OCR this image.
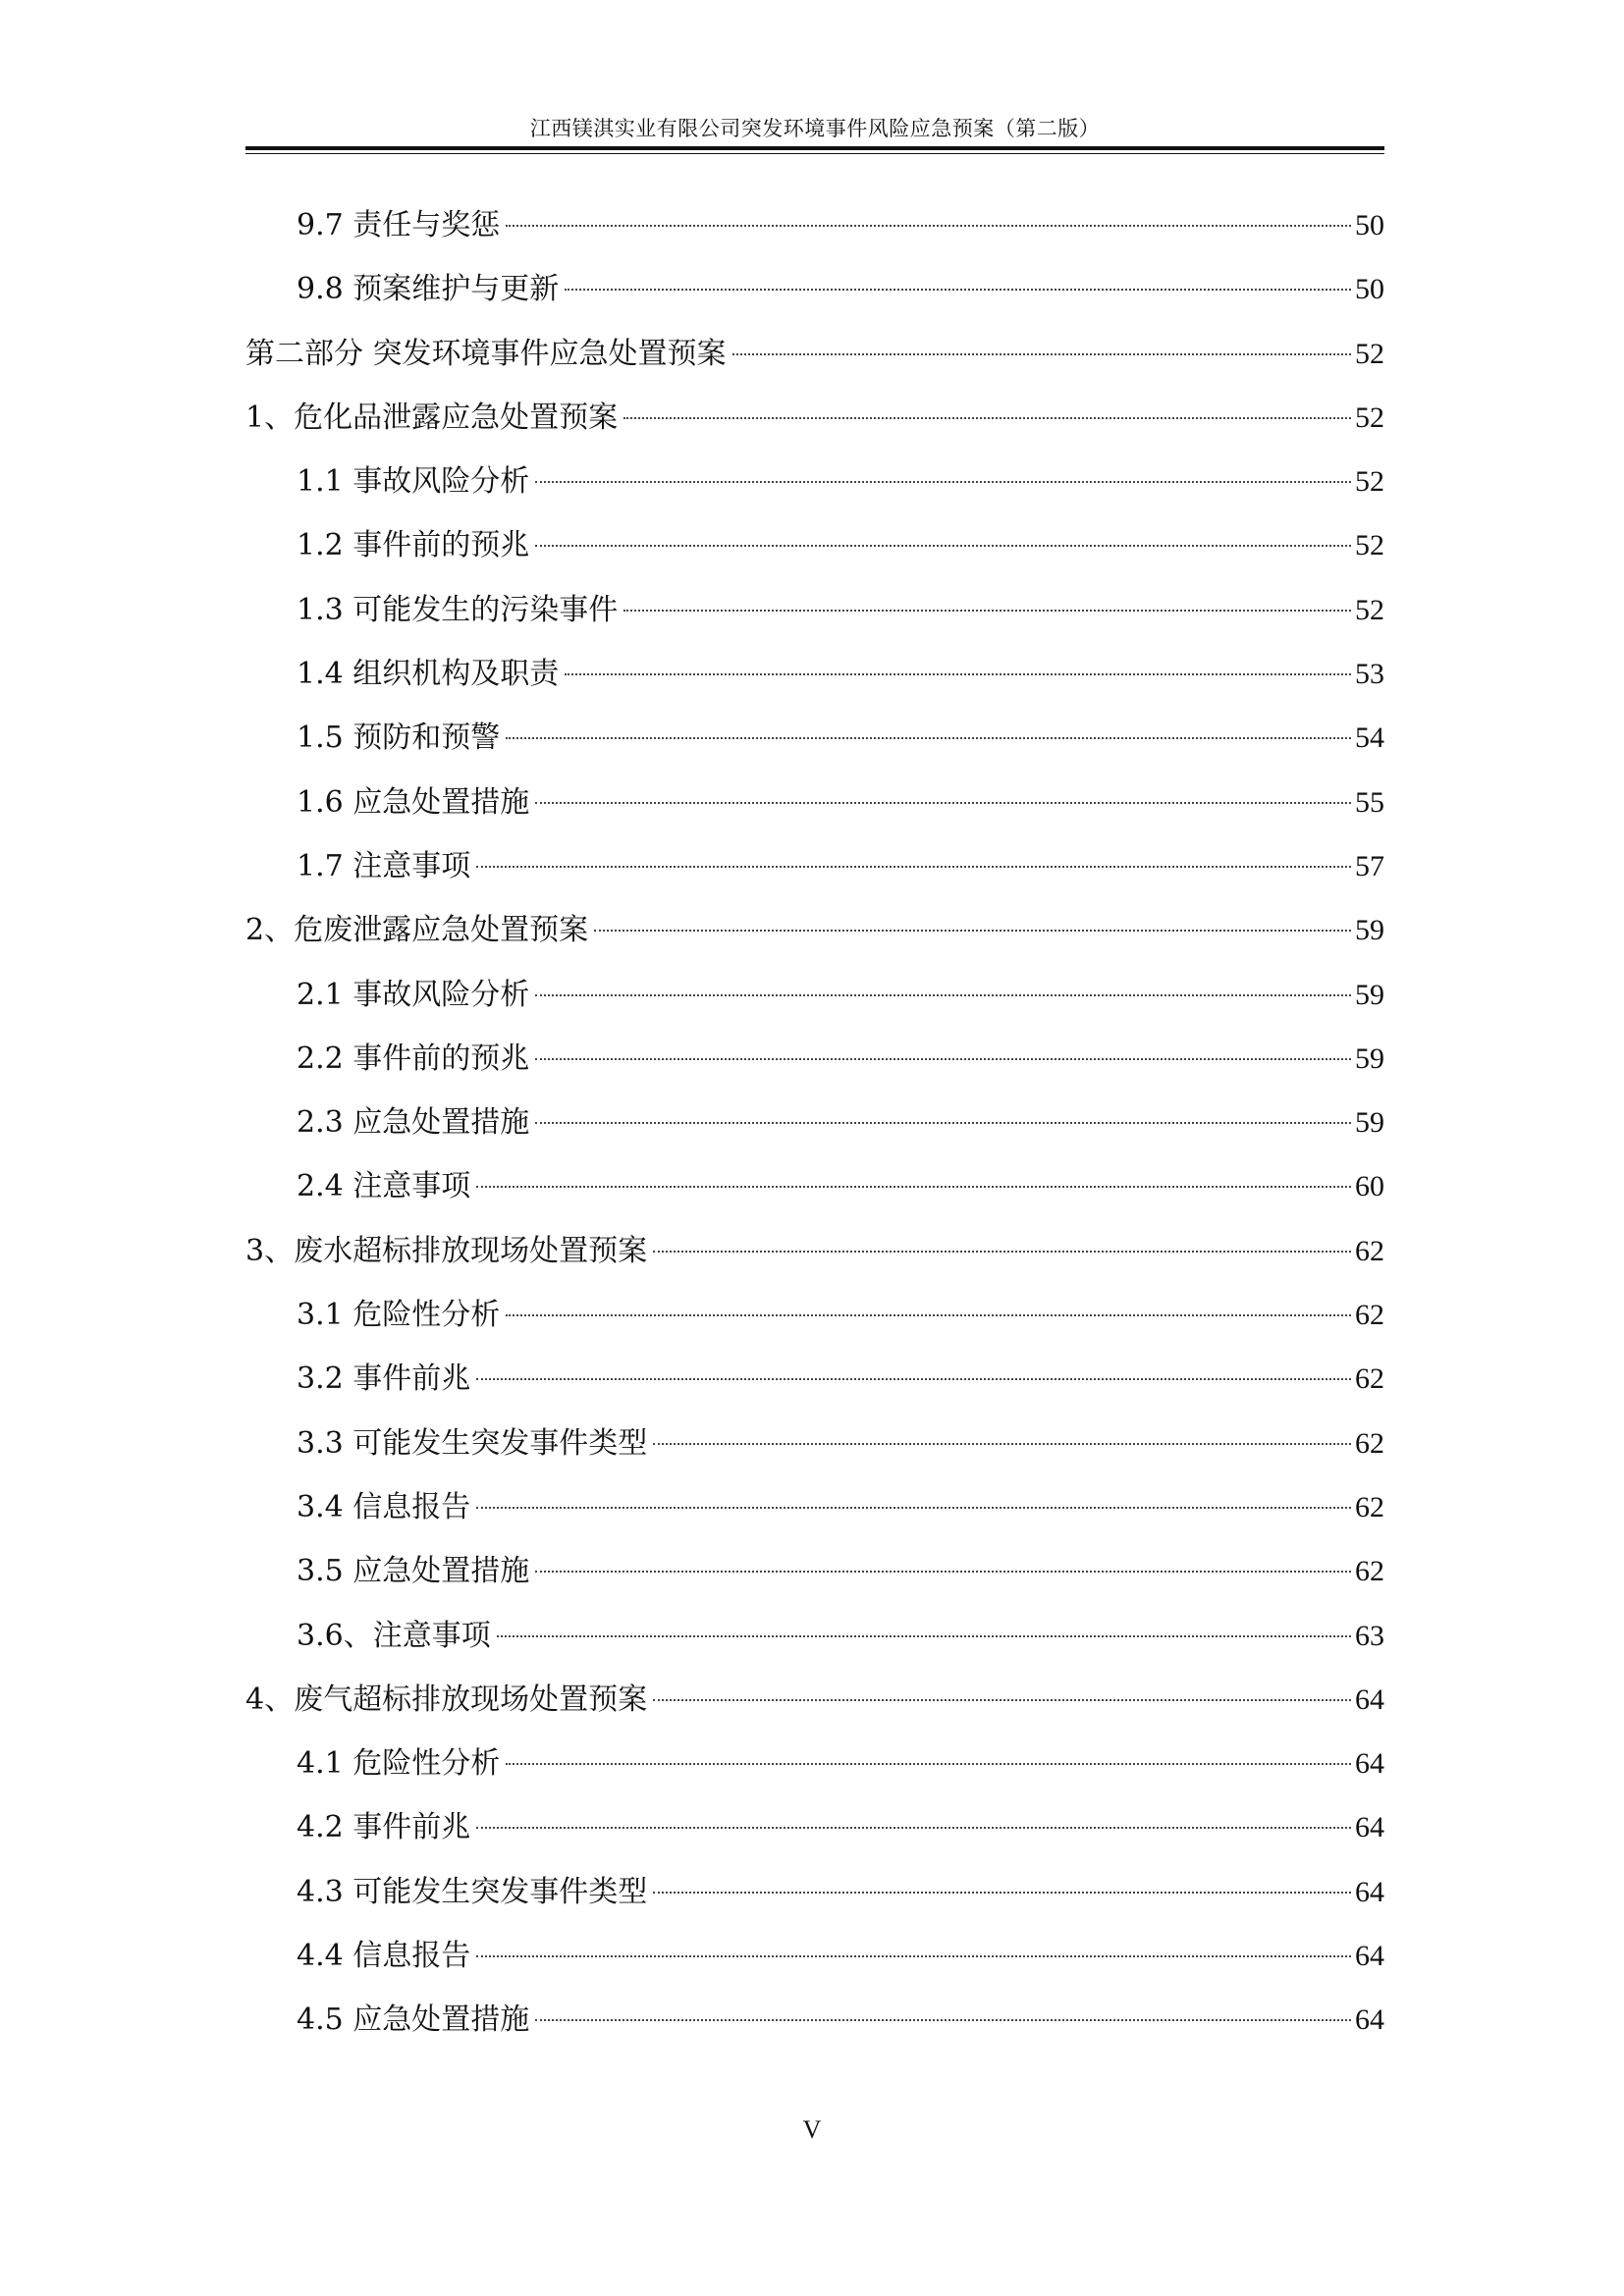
江西镁淇实业有限公司突发环境事件风险应急预案（第二版）
9.7 责任与奖惩	50
9.8 预案维护与更新	50
第二部分 突发环境事件应急处置预案	52
1、危化品泄露应急处置预案	52
1.1 事故风险分析	52
1.2 事件前的预兆	52
1.3 可能发生的污染事件	52
1.4 组织机构及职责	53
1.5 预防和预警	54
1.6 应急处置措施	55
1.7 注意事项	57
2、危废泄露应急处置预案	59
2.1 事故风险分析	59
2.2 事件前的预兆	59
2.3 应急处置措施	59
2.4 注意事项	60
3、废水超标排放现场处置预案	62
3.1 危险性分析	62
3.2 事件前兆	62
3.3 可能发生突发事件类型	62
3.4 信息报告	62
3.5 应急处置措施	62
3.6、注意事项	63
4、废气超标排放现场处置预案	64
4.1 危险性分析	64
4.2 事件前兆	64
4.3 可能发生突发事件类型	64
4.4 信息报告	64
4.5 应急处置措施	64
V
